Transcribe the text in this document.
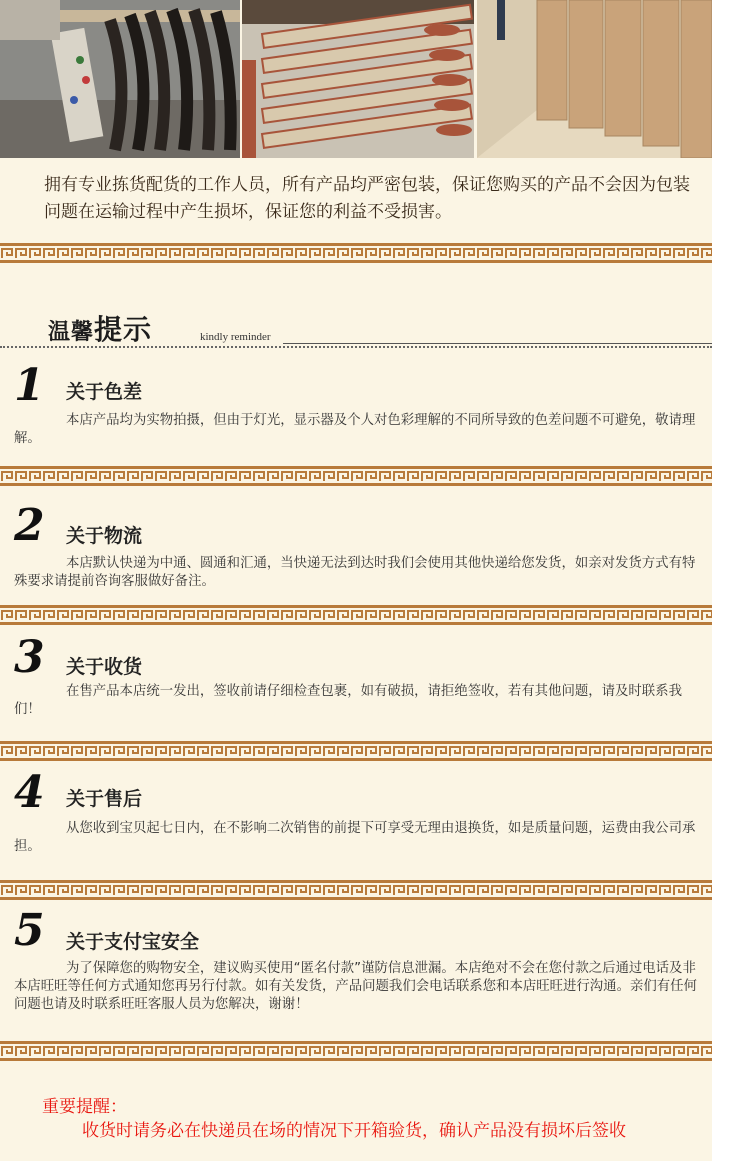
拥有专业拣货配货的工作人员，所有产品均严密包装，保证您购买的产品不会因为包装问题在运输过程中产生损坏，保证您的利益不受损害。
温馨提示	kindly reminder
1 关于色差
本店产品均为实物拍摄，但由于灯光，显示器及个人对色彩理解的不同所导致的色差问题不可避免，敬请理解。
2 关于物流
本店默认快递为中通、圆通和汇通，当快递无法到达时我们会使用其他快递给您发货，如亲对发货方式有特殊要求请提前咨询客服做好备注。
3 关于收货
在售产品本店统一发出，签收前请仔细检查包裹，如有破损，请拒绝签收，若有其他问题，请及时联系我们！
4 关于售后
从您收到宝贝起七日内，在不影响二次销售的前提下可享受无理由退换货，如是质量问题，运费由我公司承担。
5 关于支付宝安全
为了保障您的购物安全，建议购买使用“匿名付款”谨防信息泄漏。本店绝对不会在您付款之后通过电话及非本店旺旺等任何方式通知您再另行付款。如有关发货，产品问题我们会电话联系您和本店旺旺进行沟通。亲们有任何问题也请及时联系旺旺客服人员为您解决，谢谢！
重要提醒：
收货时请务必在快递员在场的情况下开箱验货，确认产品没有损坏后签收
